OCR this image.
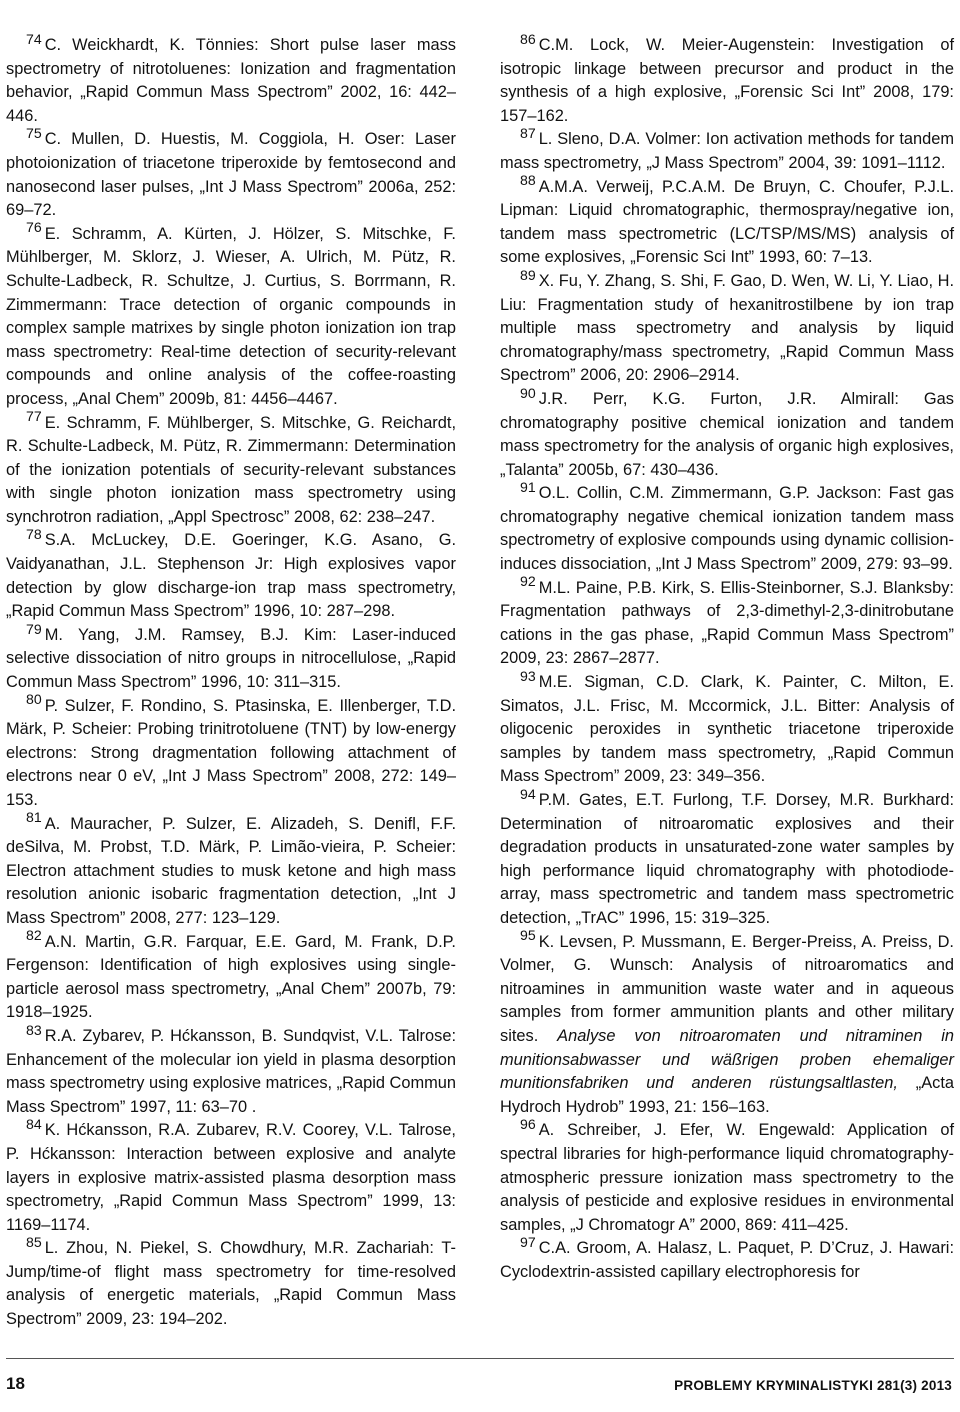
74 C. Weickhardt, K. Tönnies: Short pulse laser mass spectrometry of nitrotoluenes: Ionization and fragmentation behavior, „Rapid Commun Mass Spectrom” 2002, 16: 442–446.

75 C. Mullen, D. Huestis, M. Coggiola, H. Oser: Laser photoionization of triacetone triperoxide by femtosecond and nanosecond laser pulses, „Int J Mass Spectrom” 2006a, 252: 69–72.

76 E. Schramm, A. Kürten, J. Hölzer, S. Mitschke, F. Mühlberger, M. Sklorz, J. Wieser, A. Ulrich, M. Pütz, R. Schulte-Ladbeck, R. Schultze, J. Curtius, S. Borrmann, R. Zimmermann: Trace detection of organic compounds in complex sample matrixes by single photon ionization ion trap mass spectrometry: Real-time detection of security-relevant compounds and online analysis of the coffee-roasting process, „Anal Chem” 2009b, 81: 4456–4467.

77 E. Schramm, F. Mühlberger, S. Mitschke, G. Reichardt, R. Schulte-Ladbeck, M. Pütz, R. Zimmermann: Determination of the ionization potentials of security-relevant substances with single photon ionization mass spectrometry using synchrotron radiation, „Appl Spectrosc” 2008, 62: 238–247.

78 S.A. McLuckey, D.E. Goeringer, K.G. Asano, G. Vaidyanathan, J.L. Stephenson Jr: High explosives vapor detection by glow discharge-ion trap mass spectrometry, „Rapid Commun Mass Spectrom” 1996, 10: 287–298.

79 M. Yang, J.M. Ramsey, B.J. Kim: Laser-induced selective dissociation of nitro groups in nitrocellulose, „Rapid Commun Mass Spectrom” 1996, 10: 311–315.

80 P. Sulzer, F. Rondino, S. Ptasinska, E. Illenberger, T.D. Märk, P. Scheier: Probing trinitrotoluene (TNT) by low-energy electrons: Strong dragmentation following attachment of electrons near 0 eV, „Int J Mass Spectrom” 2008, 272: 149–153.

81 A. Mauracher, P. Sulzer, E. Alizadeh, S. Denifl, F.F. deSilva, M. Probst, T.D. Märk, P. Limão-vieira, P. Scheier: Electron attachment studies to musk ketone and high mass resolution anionic isobaric fragmentation detection, „Int J Mass Spectrom” 2008, 277: 123–129.

82 A.N. Martin, G.R. Farquar, E.E. Gard, M. Frank, D.P. Fergenson: Identification of high explosives using single-particle aerosol mass spectrometry, „Anal Chem” 2007b, 79: 1918–1925.

83 R.A. Zybarev, P. Hćkansson, B. Sundqvist, V.L. Talrose: Enhancement of the molecular ion yield in plasma desorption mass spectrometry using explosive matrices, „Rapid Commun Mass Spectrom” 1997, 11: 63–70 .

84 K. Hćkansson, R.A. Zubarev, R.V. Coorey, V.L. Talrose, P. Hćkansson: Interaction between explosive and analyte layers in explosive matrix-assisted plasma desorption mass spectrometry, „Rapid Commun Mass Spectrom” 1999, 13: 1169–1174.

85 L. Zhou, N. Piekel, S. Chowdhury, M.R. Zachariah: T-Jump/time-of flight mass spectrometry for time-resolved analysis of energetic materials, „Rapid Commun Mass Spectrom” 2009, 23: 194–202.

86 C.M. Lock, W. Meier-Augenstein: Investigation of isotropic linkage between precursor and product in the synthesis of a high explosive, „Forensic Sci Int” 2008, 179: 157–162.

87 L. Sleno, D.A. Volmer: Ion activation methods for tandem mass spectrometry, „J Mass Spectrom” 2004, 39: 1091–1112.

88 A.M.A. Verweij, P.C.A.M. De Bruyn, C. Choufer, P.J.L. Lipman: Liquid chromatographic, thermospray/negative ion, tandem mass spectrometric (LC/TSP/MS/MS) analysis of some explosives, „Forensic Sci Int” 1993, 60: 7–13.

89 X. Fu, Y. Zhang, S. Shi, F. Gao, D. Wen, W. Li, Y. Liao, H. Liu: Fragmentation study of hexanitrostilbene by ion trap multiple mass spectrometry and analysis by liquid chromatography/mass spectrometry, „Rapid Commun Mass Spectrom” 2006, 20: 2906–2914.

90 J.R. Perr, K.G. Furton, J.R. Almirall: Gas chromatography positive chemical ionization and tandem mass spectrometry for the analysis of organic high explosives, „Talanta” 2005b, 67: 430–436.

91 O.L. Collin, C.M. Zimmermann, G.P. Jackson: Fast gas chromatography negative chemical ionization tandem mass spectrometry of explosive compounds using dynamic collision-induces dissociation, „Int J Mass Spectrom” 2009, 279: 93–99.

92 M.L. Paine, P.B. Kirk, S. Ellis-Steinborner, S.J. Blanksby: Fragmentation pathways of 2,3-dimethyl-2,3-dinitrobutane cations in the gas phase, „Rapid Commun Mass Spectrom” 2009, 23: 2867–2877.

93 M.E. Sigman, C.D. Clark, K. Painter, C. Milton, E. Simatos, J.L. Frisc, M. Mccormick, J.L. Bitter: Analysis of oligocenic peroxides in synthetic triacetone triperoxide samples by tandem mass spectrometry, „Rapid Commun Mass Spectrom” 2009, 23: 349–356.

94 P.M. Gates, E.T. Furlong, T.F. Dorsey, M.R. Burkhard: Determination of nitroaromatic explosives and their degradation products in unsaturated-zone water samples by high performance liquid chromatography with photodiode-array, mass spectrometric and tandem mass spectrometric detection, „TrAC” 1996, 15: 319–325.

95 K. Levsen, P. Mussmann, E. Berger-Preiss, A. Preiss, D. Volmer, G. Wunsch: Analysis of nitroaromatics and nitroamines in ammunition waste water and in aqueous samples from former ammunition plants and other military sites. Analyse von nitroaromaten und nitraminen in munitionsabwasser und wäßrigen proben ehemaliger munitionsfabriken und anderen rüstungsaltlasten, „Acta Hydroch Hydrob” 1993, 21: 156–163.

96 A. Schreiber, J. Efer, W. Engewald: Application of spectral libraries for high-performance liquid chromatography-atmospheric pressure ionization mass spectrometry to the analysis of pesticide and explosive residues in environmental samples, „J Chromatogr A” 2000, 869: 411–425.

97 C.A. Groom, A. Halasz, L. Paquet, P. D’Cruz, J. Hawari: Cyclodextrin-assisted capillary electrophoresis for

18	PROBLEMY KRYMINALISTYKI 281(3) 2013
